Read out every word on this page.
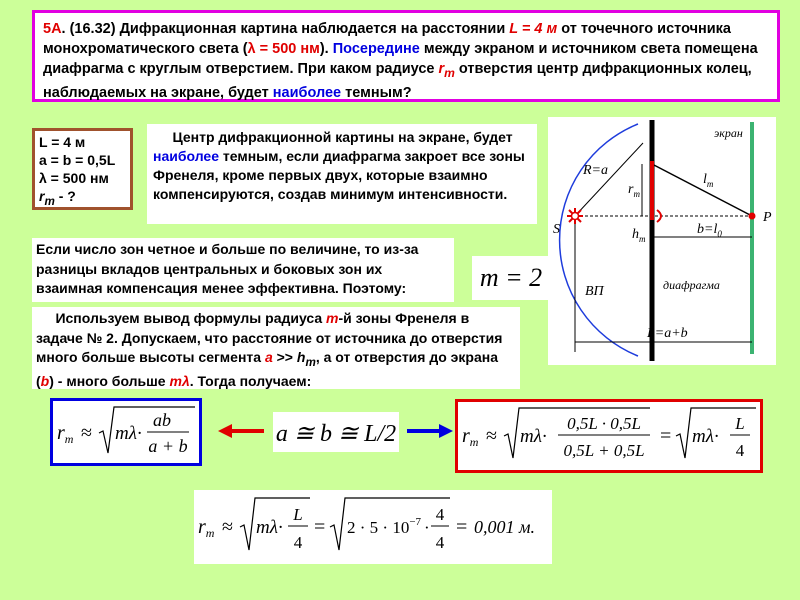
5А. (16.32) Дифракционная картина наблюдается на расстоянии L = 4 м от точечного источника монохроматического света (λ = 500 нм). Посередине между экраном и источником света помещена диафрагма с круглым отверстием. При каком радиусе $r_m$ отверстия центр дифракционных колец, наблюдаемых на экране, будет наиболее темным?
L = 4 м
a = b = 0,5L
λ = 500 нм
$r_m$ - ?
Центр дифракционной картины на экране, будет наиболее темным, если диафрагма закроет все зоны Френеля, кроме первых двух, которые взаимно компенсируются, создав минимум интенсивности.
экран
R=a
$l_m$
$r_m$
$h_m$
S
P
$b=l_0$
ВП	диафрагма
L=a+b
Если число зон четное и больше по величине, то из-за разницы вкладов центральных и боковых зон их взаимная компенсация менее эффективна. Поэтому:	m = 2
Используем вывод формулы радиуса m-й зоны Френеля в задаче № 2. Допускаем, что расстояние от источника до отверстия много больше высоты сегмента $a >> h_m$, а от отверстия до экрана (b) - много больше mλ. Тогда получаем:
$r_m \approx m\lambda\cdot$
ab
a + b	a ≅ b ≅ L/2	$r_m \approx m\lambda\cdot$
0,5L · 0,5L
0,5L + 0,5L
= mλ·
L
4
$r_m \approx m\lambda\cdot$
L
4
= $2 \cdot 5 \cdot 10^{-7}$ ·
4
4
= 0,001 м.
